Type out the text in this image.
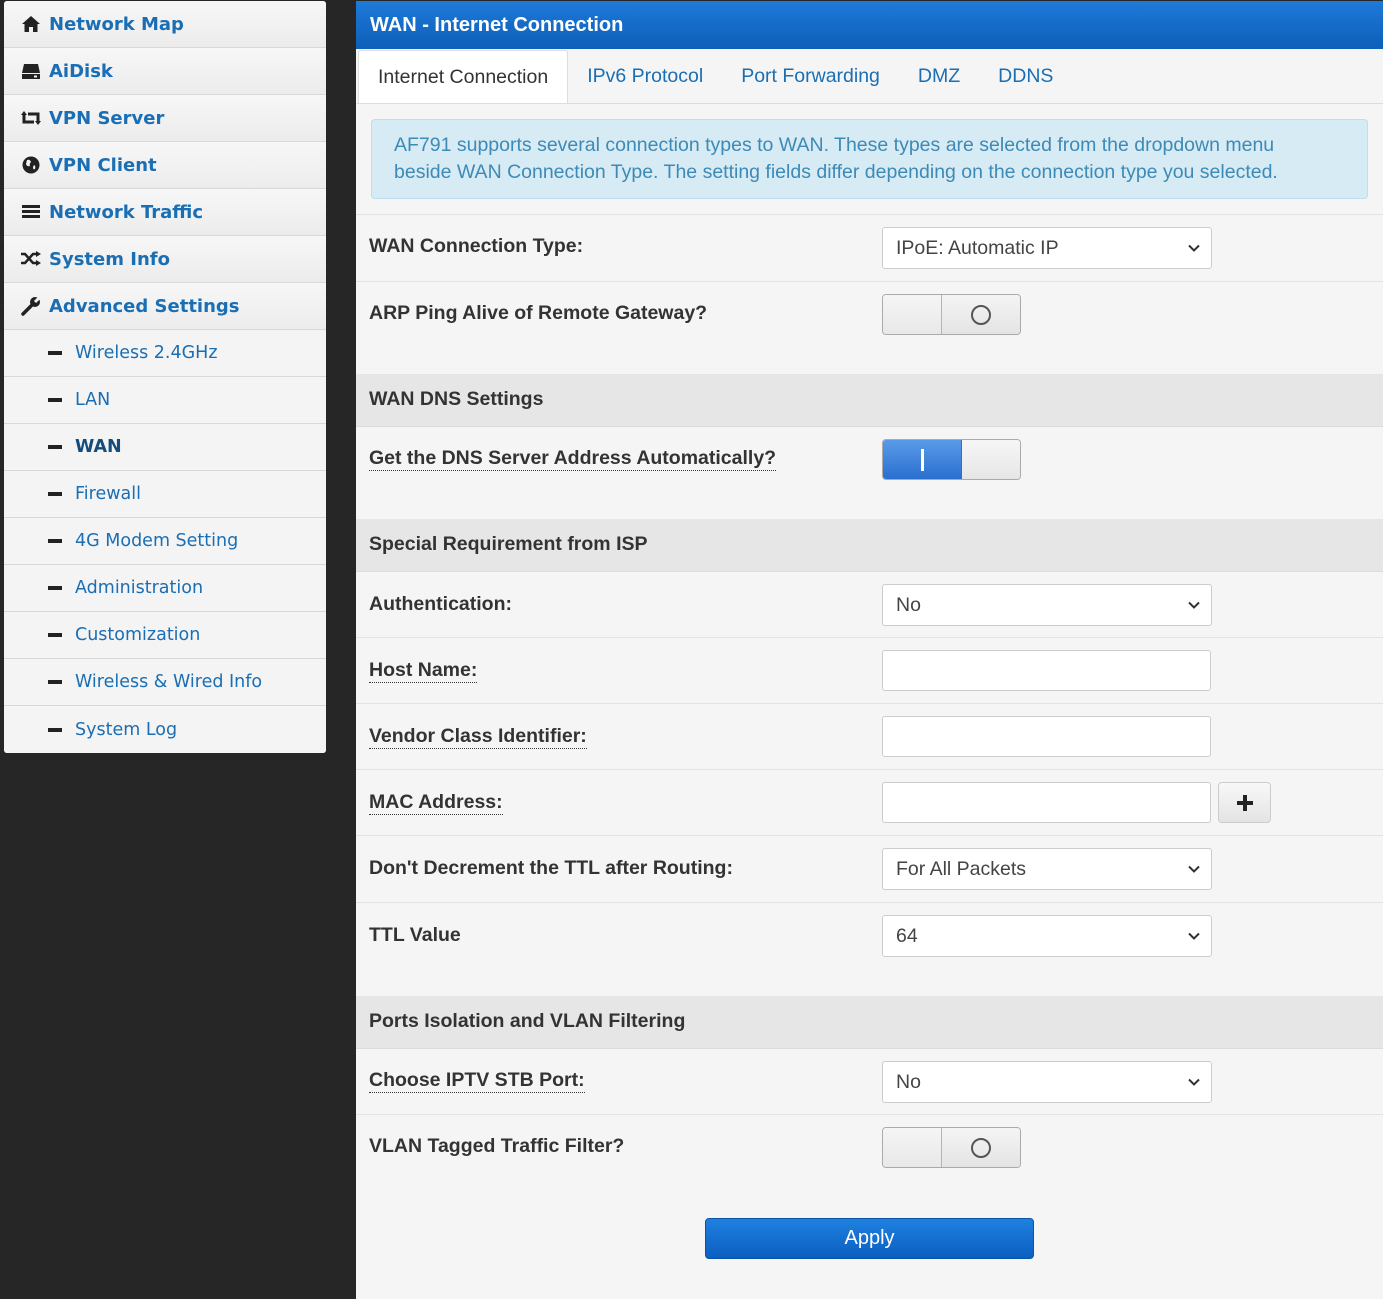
Network Map
AiDisk
VPN Server
VPN Client
Network Traffic
System Info
Advanced Settings
Wireless 2.4GHz
LAN
WAN
Firewall
4G Modem Setting
Administration
Customization
Wireless & Wired Info
System Log
WAN - Internet Connection
Internet Connection	IPv6 Protocol	Port Forwarding	DMZ	DDNS
AF791 supports several connection types to WAN. These types are selected from the dropdown menu
beside WAN Connection Type. The setting fields differ depending on the connection type you selected.
WAN Connection Type:	IPoE: Automatic IP
ARP Ping Alive of Remote Gateway?
WAN DNS Settings
Get the DNS Server Address Automatically?
Special Requirement from ISP
Authentication:	No
Host Name:
Vendor Class Identifier:
MAC Address:
Don't Decrement the TTL after Routing:	For All Packets
TTL Value	64
Ports Isolation and VLAN Filtering
Choose IPTV STB Port:	No
VLAN Tagged Traffic Filter?
Apply
